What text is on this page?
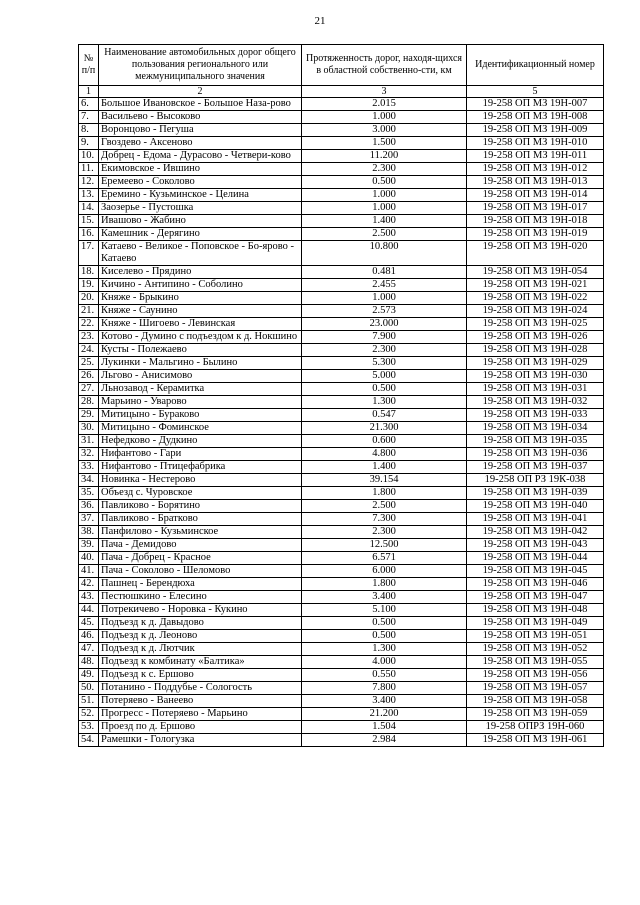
21
№ п/п	Наименование автомобильных дорог общего пользования регионального или межмуниципального значения	Протяженность дорог, находя-щихся в областной собственно-сти, км	Идентификационный номер
1	2	3	5
6.	Большое Ивановское - Большое Наза-рово	2.015	19-258 ОП МЗ 19Н-007
7.	Васильево - Высоково	1.000	19-258 ОП МЗ 19Н-008
8.	Воронцово - Пегуша	3.000	19-258 ОП МЗ 19Н-009
9.	Гвоздево - Аксеново	1.500	19-258 ОП МЗ 19Н-010
10.	Добрец - Едома - Дурасово - Четвери-ково	11.200	19-258 ОП МЗ 19Н-011
11.	Екимовское - Ившино	2.300	19-258 ОП МЗ 19Н-012
12.	Еремеево - Соколово	0.500	19-258 ОП МЗ 19Н-013
13.	Еремино - Кузьминское - Целина	1.000	19-258 ОП МЗ 19Н-014
14.	Заозерье - Пустошка	1.000	19-258 ОП МЗ 19Н-017
15.	Ивашово - Жабино	1.400	19-258 ОП МЗ 19Н-018
16.	Камешник - Дерягино	2.500	19-258 ОП МЗ 19Н-019
17.	Катаево - Великое - Поповское - Бо-ярово - Катаево	10.800	19-258 ОП МЗ 19Н-020
18.	Киселево - Прядино	0.481	19-258 ОП МЗ 19Н-054
19.	Кичино - Антипино - Соболино	2.455	19-258 ОП МЗ 19Н-021
20.	Княже - Брыкино	1.000	19-258 ОП МЗ 19Н-022
21.	Княже - Саунино	2.573	19-258 ОП МЗ 19Н-024
22.	Княже - Шигоево - Левинская	23.000	19-258 ОП МЗ 19Н-025
23.	Котово - Думино с подъездом к д. Нокшино	7.900	19-258 ОП МЗ 19Н-026
24.	Кусты - Полежаево	2.300	19-258 ОП МЗ 19Н-028
25.	Лукинки - Мальгино - Былино	5.300	19-258 ОП МЗ 19Н-029
26.	Льгово - Анисимово	5.000	19-258 ОП МЗ 19Н-030
27.	Льнозавод - Керамитка	0.500	19-258 ОП МЗ 19Н-031
28.	Марьино - Уварово	1.300	19-258 ОП МЗ 19Н-032
29.	Митицыно - Бураково	0.547	19-258 ОП МЗ 19Н-033
30.	Митицыно - Фоминское	21.300	19-258 ОП МЗ 19Н-034
31.	Нефедково - Дудкино	0.600	19-258 ОП МЗ 19Н-035
32.	Нифантово - Гари	4.800	19-258 ОП МЗ 19Н-036
33.	Нифантово - Птицефабрика	1.400	19-258 ОП МЗ 19Н-037
34.	Новинка - Нестерово	39.154	19-258 ОП РЗ 19К-038
35.	Объезд с. Чуровское	1.800	19-258 ОП МЗ 19Н-039
36.	Павликово - Борятино	2.500	19-258 ОП МЗ 19Н-040
37.	Павликово - Братково	7.300	19-258 ОП МЗ 19Н-041
38.	Панфилово - Кузьминское	2.300	19-258 ОП МЗ 19Н-042
39.	Пача - Демидово	12.500	19-258 ОП МЗ 19Н-043
40.	Пача - Добрец - Красное	6.571	19-258 ОП МЗ 19Н-044
41.	Пача - Соколово - Шеломово	6.000	19-258 ОП МЗ 19Н-045
42.	Пашнец - Берендюха	1.800	19-258 ОП МЗ 19Н-046
43.	Пестюшкино - Елесино	3.400	19-258 ОП МЗ 19Н-047
44.	Потрекичево - Норовка - Кукино	5.100	19-258 ОП МЗ 19Н-048
45.	Подъезд к д. Давыдово	0.500	19-258 ОП МЗ 19Н-049
46.	Подъезд к д. Леоново	0.500	19-258 ОП МЗ 19Н-051
47.	Подъезд к д. Лютчик	1.300	19-258 ОП МЗ 19Н-052
48.	Подъезд к комбинату «Балтика»	4.000	19-258 ОП МЗ 19Н-055
49.	Подъезд к с. Ершово	0.550	19-258 ОП МЗ 19Н-056
50.	Потанино - Поддубье - Сологость	7.800	19-258 ОП МЗ 19Н-057
51.	Потеряево - Ванеево	3.400	19-258 ОП МЗ 19Н-058
52.	Прогресс - Потеряево - Марьино	21.200	19-258 ОП МЗ 19Н-059
53.	Проезд по д. Ершово	1.504	19-258 ОПРЗ 19Н-060
54.	Рамешки - Гологузка	2.984	19-258 ОП МЗ 19Н-061
